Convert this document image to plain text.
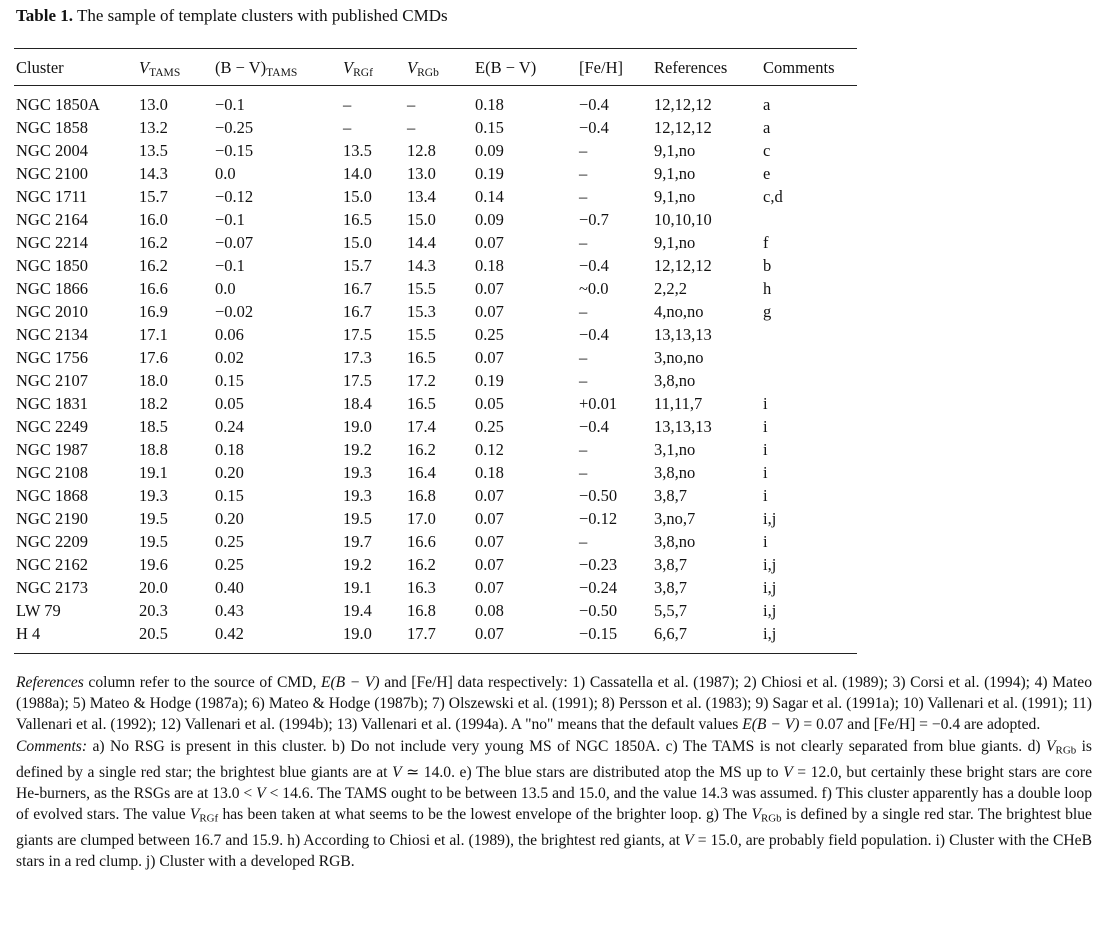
Table 1. The sample of template clusters with published CMDs
Cluster	$V_{TAMS}$	$(B - V)_{TAMS}$	$V_{RGf}$	$V_{RGb}$	E(B − V)	[Fe/H]	References	Comments
NGC 1850A	13.0	−0.1	–	–	0.18	−0.4	12,12,12	a
NGC 1858	13.2	−0.25	–	–	0.15	−0.4	12,12,12	a
NGC 2004	13.5	−0.15	13.5	12.8	0.09	–	9,1,no	c
NGC 2100	14.3	0.0	14.0	13.0	0.19	–	9,1,no	e
NGC 1711	15.7	−0.12	15.0	13.4	0.14	–	9,1,no	c,d
NGC 2164	16.0	−0.1	16.5	15.0	0.09	−0.7	10,10,10	
NGC 2214	16.2	−0.07	15.0	14.4	0.07	–	9,1,no	f
NGC 1850	16.2	−0.1	15.7	14.3	0.18	−0.4	12,12,12	b
NGC 1866	16.6	0.0	16.7	15.5	0.07	~0.0	2,2,2	h
NGC 2010	16.9	−0.02	16.7	15.3	0.07	–	4,no,no	g
NGC 2134	17.1	0.06	17.5	15.5	0.25	−0.4	13,13,13	
NGC 1756	17.6	0.02	17.3	16.5	0.07	–	3,no,no	
NGC 2107	18.0	0.15	17.5	17.2	0.19	–	3,8,no	
NGC 1831	18.2	0.05	18.4	16.5	0.05	+0.01	11,11,7	i
NGC 2249	18.5	0.24	19.0	17.4	0.25	−0.4	13,13,13	i
NGC 1987	18.8	0.18	19.2	16.2	0.12	–	3,1,no	i
NGC 2108	19.1	0.20	19.3	16.4	0.18	–	3,8,no	i
NGC 1868	19.3	0.15	19.3	16.8	0.07	−0.50	3,8,7	i
NGC 2190	19.5	0.20	19.5	17.0	0.07	−0.12	3,no,7	i,j
NGC 2209	19.5	0.25	19.7	16.6	0.07	–	3,8,no	i
NGC 2162	19.6	0.25	19.2	16.2	0.07	−0.23	3,8,7	i,j
NGC 2173	20.0	0.40	19.1	16.3	0.07	−0.24	3,8,7	i,j
LW 79	20.3	0.43	19.4	16.8	0.08	−0.50	5,5,7	i,j
H 4	20.5	0.42	19.0	17.7	0.07	−0.15	6,6,7	i,j

References column refer to the source of CMD, E(B − V) and [Fe/H] data respectively: 1) Cassatella et al. (1987); 2) Chiosi et al. (1989); 3) Corsi et al. (1994); 4) Mateo (1988a); 5) Mateo & Hodge (1987a); 6) Mateo & Hodge (1987b); 7) Olszewski et al. (1991); 8) Persson et al. (1983); 9) Sagar et al. (1991a); 10) Vallenari et al. (1991); 11) Vallenari et al. (1992); 12) Vallenari et al. (1994b); 13) Vallenari et al. (1994a). A "no" means that the default values E(B − V) = 0.07 and [Fe/H] = −0.4 are adopted.

Comments: a) No RSG is present in this cluster. b) Do not include very young MS of NGC 1850A. c) The TAMS is not clearly separated from blue giants. d) $V_{RGb}$ is defined by a single red star; the brightest blue giants are at V ≃ 14.0. e) The blue stars are distributed atop the MS up to V = 12.0, but certainly these bright stars are core He-burners, as the RSGs are at 13.0 < V < 14.6. The TAMS ought to be between 13.5 and 15.0, and the value 14.3 was assumed. f) This cluster apparently has a double loop of evolved stars. The value $V_{RGf}$ has been taken at what seems to be the lowest envelope of the brighter loop. g) The $V_{RGb}$ is defined by a single red star. The brightest blue giants are clumped between 16.7 and 15.9. h) According to Chiosi et al. (1989), the brightest red giants, at V = 15.0, are probably field population. i) Cluster with the CHeB stars in a red clump. j) Cluster with a developed RGB.
